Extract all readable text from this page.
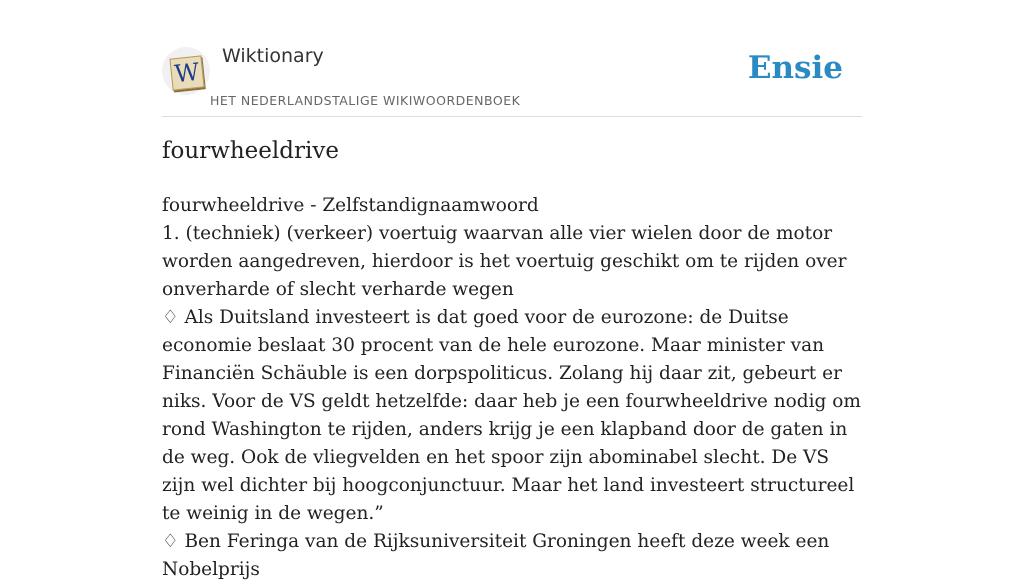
W
Wiktionary
HET NEDERLANDSTALIGE WIKIWOORDENBOEK
Ensie
fourwheeldrive

fourwheeldrive - Zelfstandignaamwoord

1. (techniek) (verkeer) voertuig waarvan alle vier wielen door de motor worden aangedreven, hierdoor is het voertuig geschikt om te rijden over onverharde of slecht verharde wegen

♢ Als Duitsland investeert is dat goed voor de eurozone: de Duitse economie beslaat 30 procent van de hele eurozone. Maar minister van Financiën Schäuble is een dorpspoliticus. Zolang hij daar zit, gebeurt er niks. Voor de VS geldt hetzelfde: daar heb je een fourwheeldrive nodig om rond Washington te rijden, anders krijg je een klapband door de gaten in de weg. Ook de vliegvelden en het spoor zijn abominabel slecht. De VS zijn wel dichter bij hoogconjunctuur. Maar het land investeert structureel te weinig in de wegen.”

♢ Ben Feringa van de Rijksuniversiteit Groningen heeft deze week een Nobelprijs
